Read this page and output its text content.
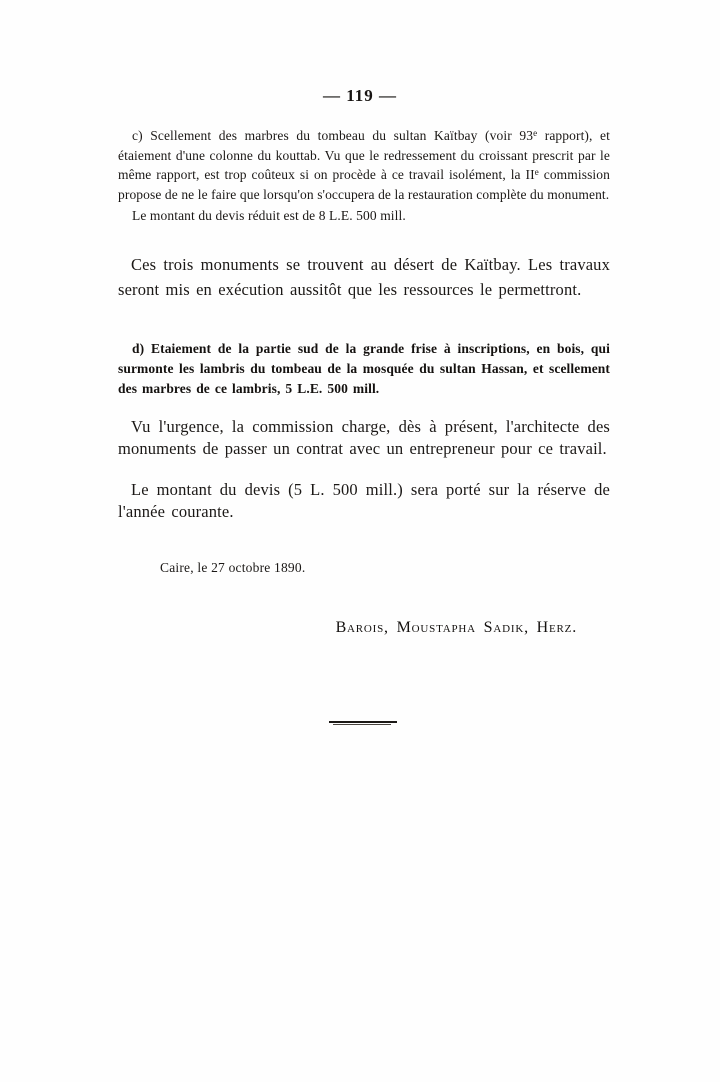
— 119 —
c) Scellement des marbres du tombeau du sultan Kaïtbay (voir 93e rapport), et étaiement d'une colonne du kouttab. Vu que le redressement du croissant prescrit par le même rapport, est trop coûteux si on procède à ce travail isolément, la IIe commission propose de ne le faire que lorsqu'on s'occupera de la restauration complète du monument.
Le montant du devis réduit est de 8 L.E. 500 mill.
Ces trois monuments se trouvent au désert de Kaïtbay. Les travaux seront mis en exécution aussitôt que les ressources le permettront.
d) Etaiement de la partie sud de la grande frise à inscriptions, en bois, qui surmonte les lambris du tombeau de la mosquée du sultan Hassan, et scellement des marbres de ce lambris, 5 L.E. 500 mill.
Vu l'urgence, la commission charge, dès à présent, l'architecte des monuments de passer un contrat avec un entrepreneur pour ce travail.
Le montant du devis (5 L. 500 mill.) sera porté sur la réserve de l'année courante.
Caire, le 27 octobre 1890.
Barois, Moustapha Sadik, Herz.
